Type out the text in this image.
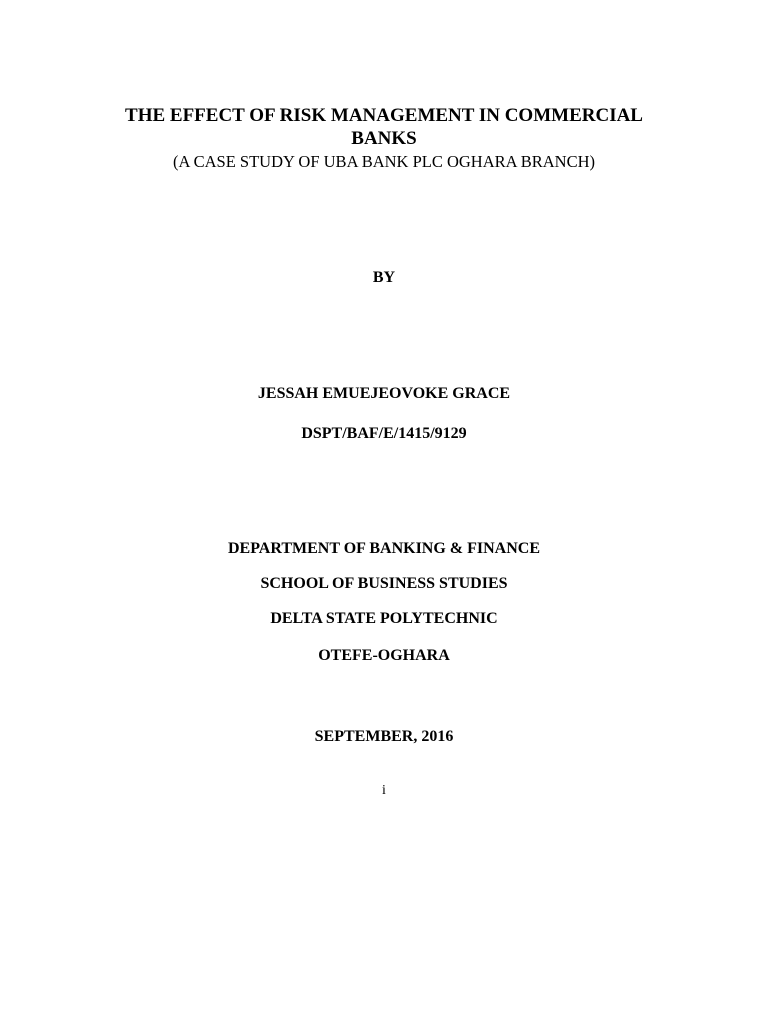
THE EFFECT OF RISK MANAGEMENT IN COMMERCIAL
BANKS
(A CASE STUDY OF UBA BANK PLC OGHARA BRANCH)
BY
JESSAH EMUEJEOVOKE GRACE
DSPT/BAF/E/1415/9129
DEPARTMENT OF BANKING & FINANCE
SCHOOL OF BUSINESS STUDIES
DELTA STATE POLYTECHNIC
OTEFE-OGHARA
SEPTEMBER, 2016
i
